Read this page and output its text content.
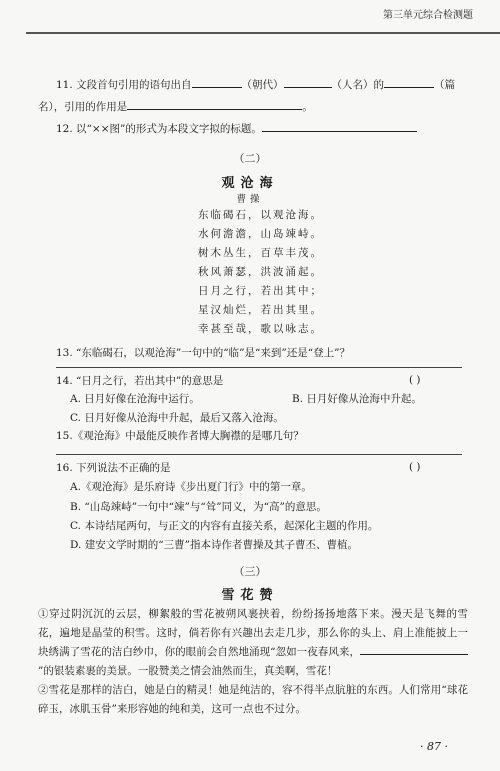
第三单元综合检测题
11. 文段首句引用的语句出自	（朝代）	（人名）的	（篇
名），引用的作用是	。
12. 以“××图”的形式为本段文字拟的标题。
（二）
观沧海
曹操
东临碣石，以观沧海。
水何澹澹，山岛竦峙。
树木丛生，百草丰茂。
秋风萧瑟，洪波涌起。
日月之行，若出其中；
星汉灿烂，若出其里。
幸甚至哉，歌以咏志。
13. “东临碣石，以观沧海”一句中的“临”是“来到”还是“登上”？
14. “日月之行，若出其中”的意思是	( )
A. 日月好像在沧海中运行。	B. 日月好像从沧海中升起。
C. 日月好像从沧海中升起，最后又落入沧海。
15.《观沧海》中最能反映作者博大胸襟的是哪几句？
16. 下列说法不正确的是	( )
A.《观沧海》是乐府诗《步出夏门行》中的第一章。
B. “山岛竦峙”一句中“竦”与“耸”同义，为“高”的意思。
C. 本诗结尾两句，与正文的内容有直接关系，起深化主题的作用。
D. 建安文学时期的“三曹”指本诗作者曹操及其子曹丕、曹植。
（三）
雪花赞
①穿过阴沉沉的云层，柳絮般的雪花被朔风裹挟着，纷纷扬扬地落下来。漫天是飞舞的雪花，遍地是晶莹的积雪。这时，倘若你有兴趣出去走几步，那么你的头上、肩上准能披上一块绣满了雪花的洁白纱巾，你的眼前会自然地涌现“忽如一夜春风来，”的银装素裹的美景。一股赞美之情会油然而生，真美啊，雪花！
②雪花是那样的洁白，她是白的精灵！她是纯洁的，容不得半点肮脏的东西。人们常用“球花碎玉，冰肌玉骨”来形容她的纯和美，这可一点也不过分。
· 87 ·
